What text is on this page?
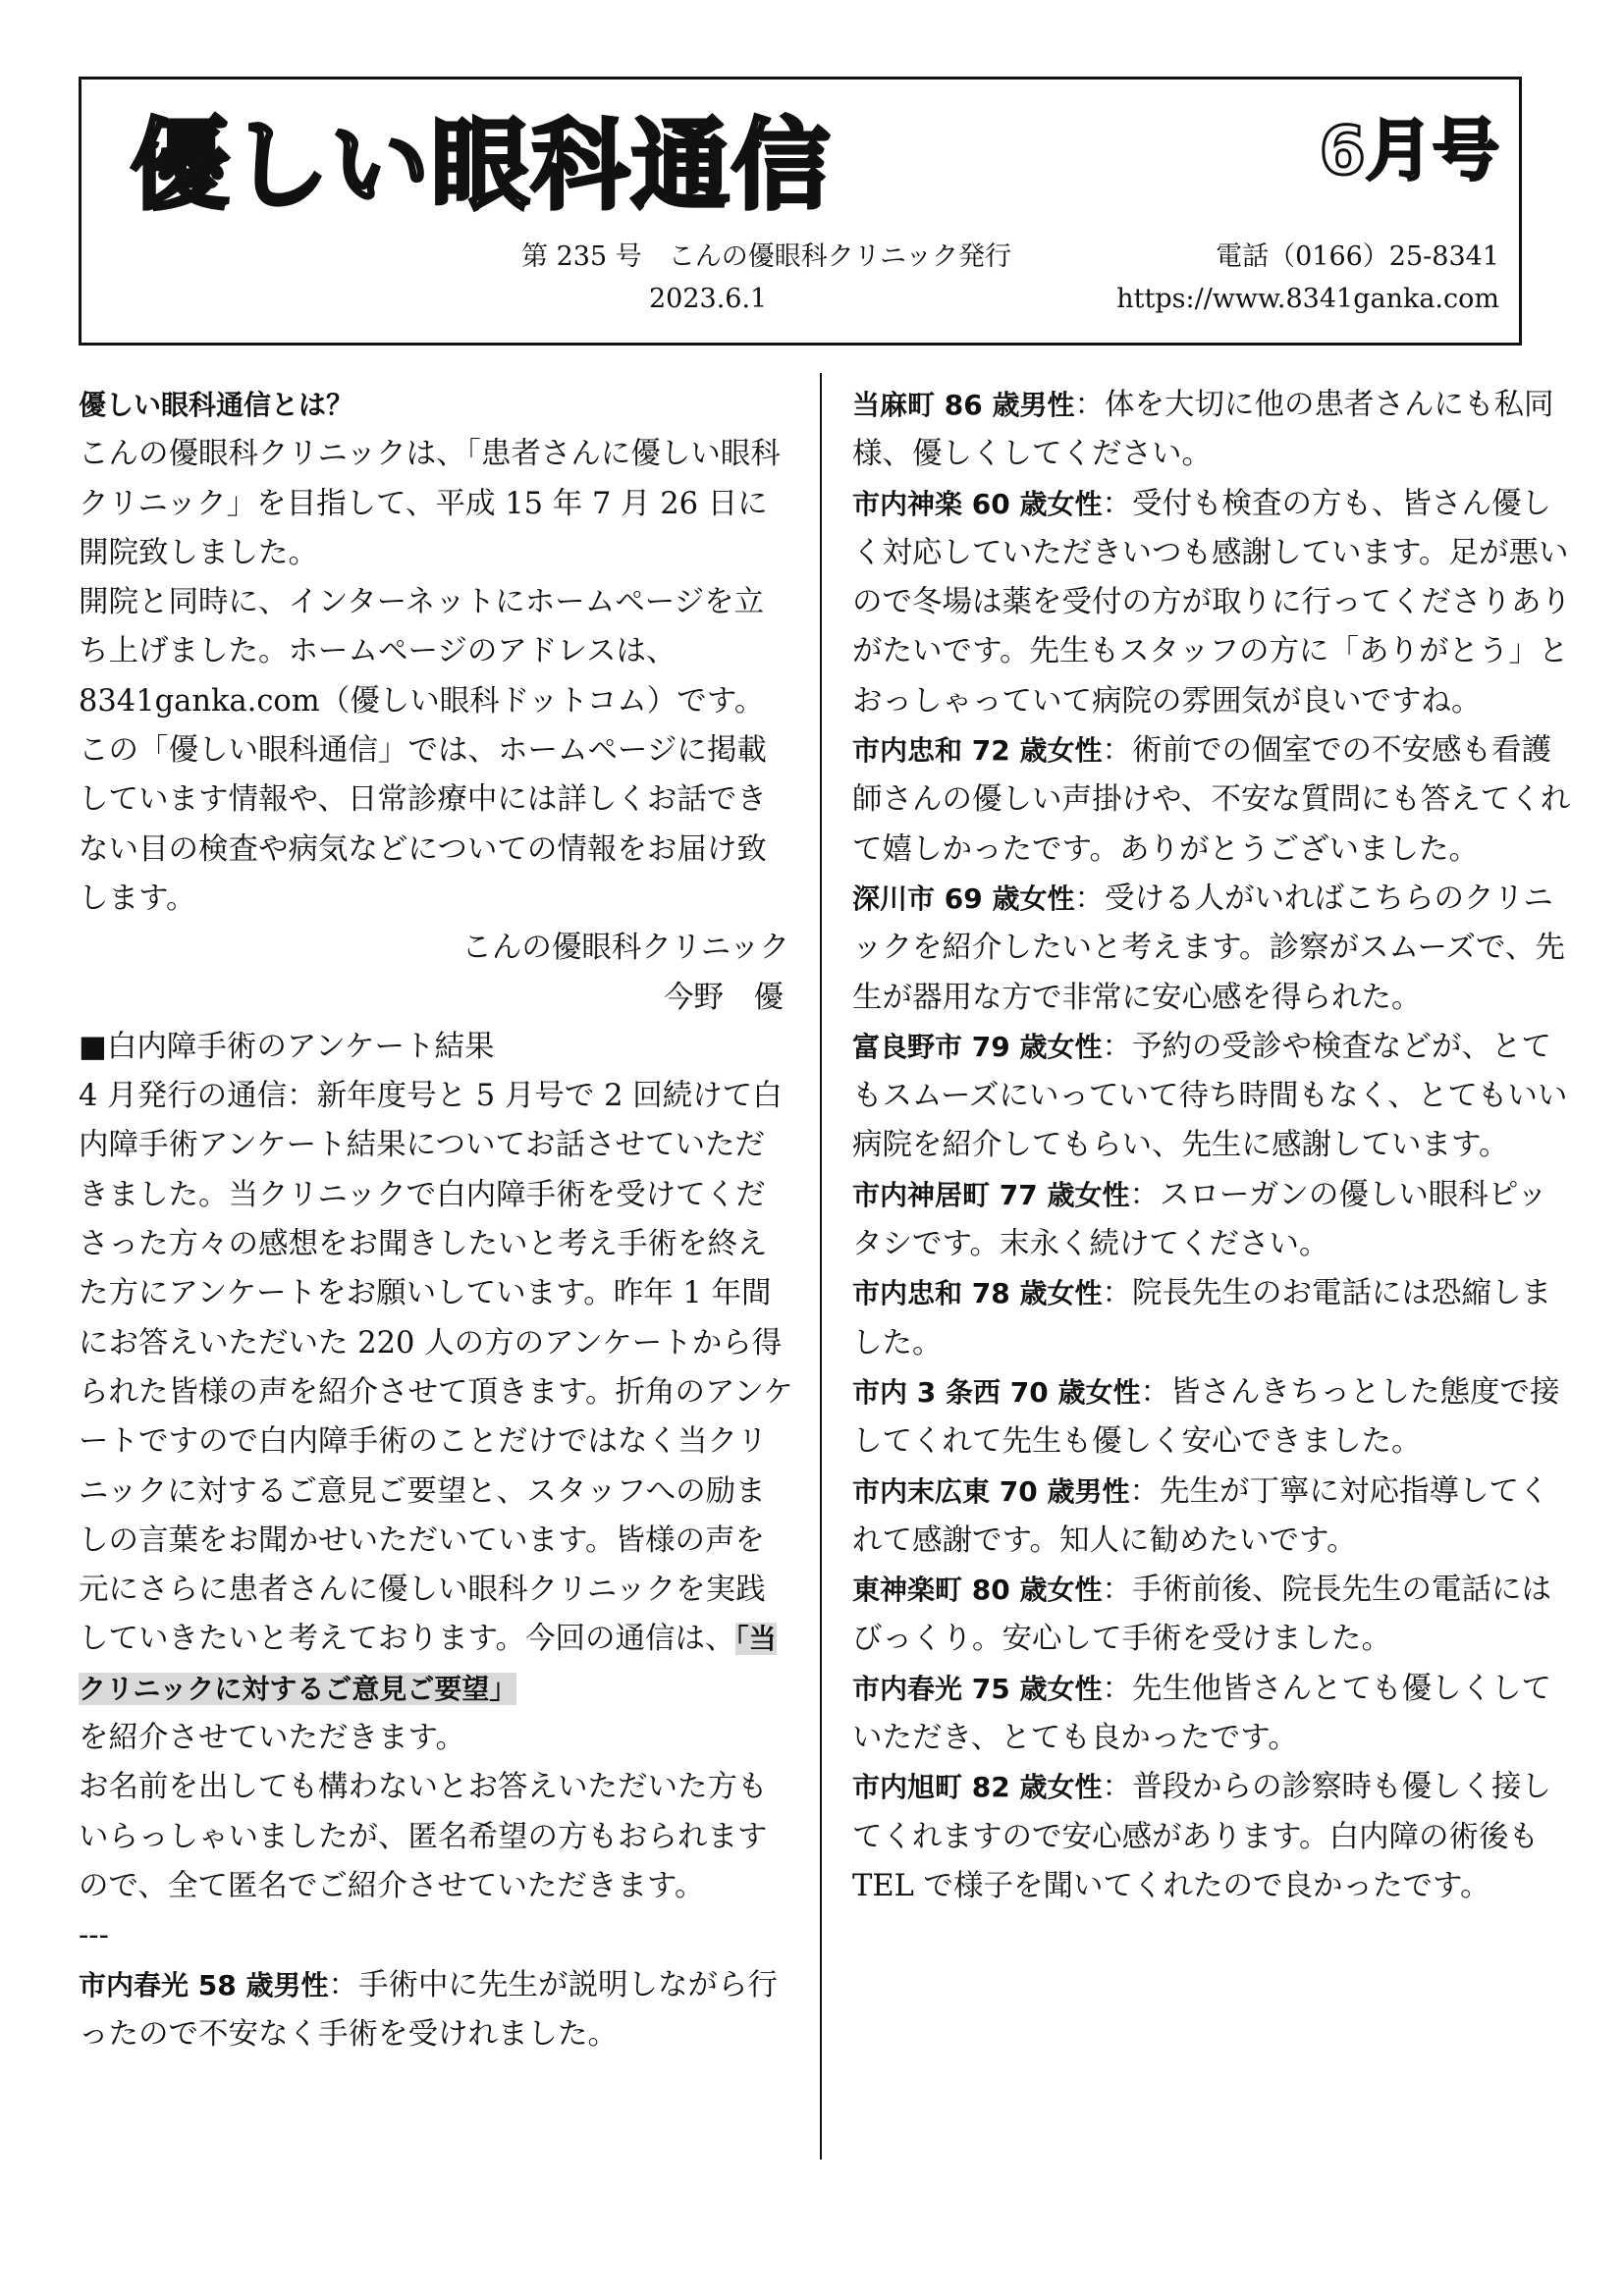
優しい眼科通信	6月号
第 235 号　こんの優眼科クリニック発行	電話（0166）25-8341
2023.6.1	https://www.8341ganka.com

優しい眼科通信とは？

こんの優眼科クリニックは、「患者さんに優しい眼科クリニック」を目指して、平成 15 年 7 月 26 日に開院致しました。

開院と同時に、インターネットにホームページを立ち上げました。ホームページのアドレスは、8341ganka.com（優しい眼科ドットコム）です。この「優しい眼科通信」では、ホームページに掲載しています情報や、日常診療中には詳しくお話できない目の検査や病気などについての情報をお届け致します。

こんの優眼科クリニック

今野　優

■白内障手術のアンケート結果

4 月発行の通信：新年度号と 5 月号で 2 回続けて白内障手術アンケート結果についてお話させていただきました。当クリニックで白内障手術を受けてくださった方々の感想をお聞きしたいと考え手術を終えた方にアンケートをお願いしています。昨年 1 年間にお答えいただいた 220 人の方のアンケートから得られた皆様の声を紹介させて頂きます。折角のアンケートですので白内障手術のことだけではなく当クリニックに対するご意見ご要望と、スタッフへの励ましの言葉をお聞かせいただいています。皆様の声を元にさらに患者さんに優しい眼科クリニックを実践していきたいと考えております。今回の通信は、「当クリニックに対するご意見ご要望」
を紹介させていただきます。

お名前を出しても構わないとお答えいただいた方もいらっしゃいましたが、匿名希望の方もおられますので、全て匿名でご紹介させていただきます。

---

市内春光 58 歳男性：手術中に先生が説明しながら行ったので不安なく手術を受けれました。

当麻町 86 歳男性：体を大切に他の患者さんにも私同様、優しくしてください。

市内神楽 60 歳女性：受付も検査の方も、皆さん優しく対応していただきいつも感謝しています。足が悪いので冬場は薬を受付の方が取りに行ってくださりありがたいです。先生もスタッフの方に「ありがとう」とおっしゃっていて病院の雰囲気が良いですね。

市内忠和 72 歳女性：術前での個室での不安感も看護師さんの優しい声掛けや、不安な質問にも答えてくれて嬉しかったです。ありがとうございました。

深川市 69 歳女性：受ける人がいればこちらのクリニックを紹介したいと考えます。診察がスムーズで、先生が器用な方で非常に安心感を得られた。

富良野市 79 歳女性：予約の受診や検査などが、とてもスムーズにいっていて待ち時間もなく、とてもいい病院を紹介してもらい、先生に感謝しています。

市内神居町 77 歳女性：スローガンの優しい眼科ピッタシです。末永く続けてください。

市内忠和 78 歳女性：院長先生のお電話には恐縮しました。

市内 3 条西 70 歳女性：皆さんきちっとした態度で接してくれて先生も優しく安心できました。

市内末広東 70 歳男性：先生が丁寧に対応指導してくれて感謝です。知人に勧めたいです。

東神楽町 80 歳女性：手術前後、院長先生の電話にはびっくり。安心して手術を受けました。

市内春光 75 歳女性：先生他皆さんとても優しくしていただき、とても良かったです。

市内旭町 82 歳女性：普段からの診察時も優しく接してくれますので安心感があります。白内障の術後も TEL で様子を聞いてくれたので良かったです。
